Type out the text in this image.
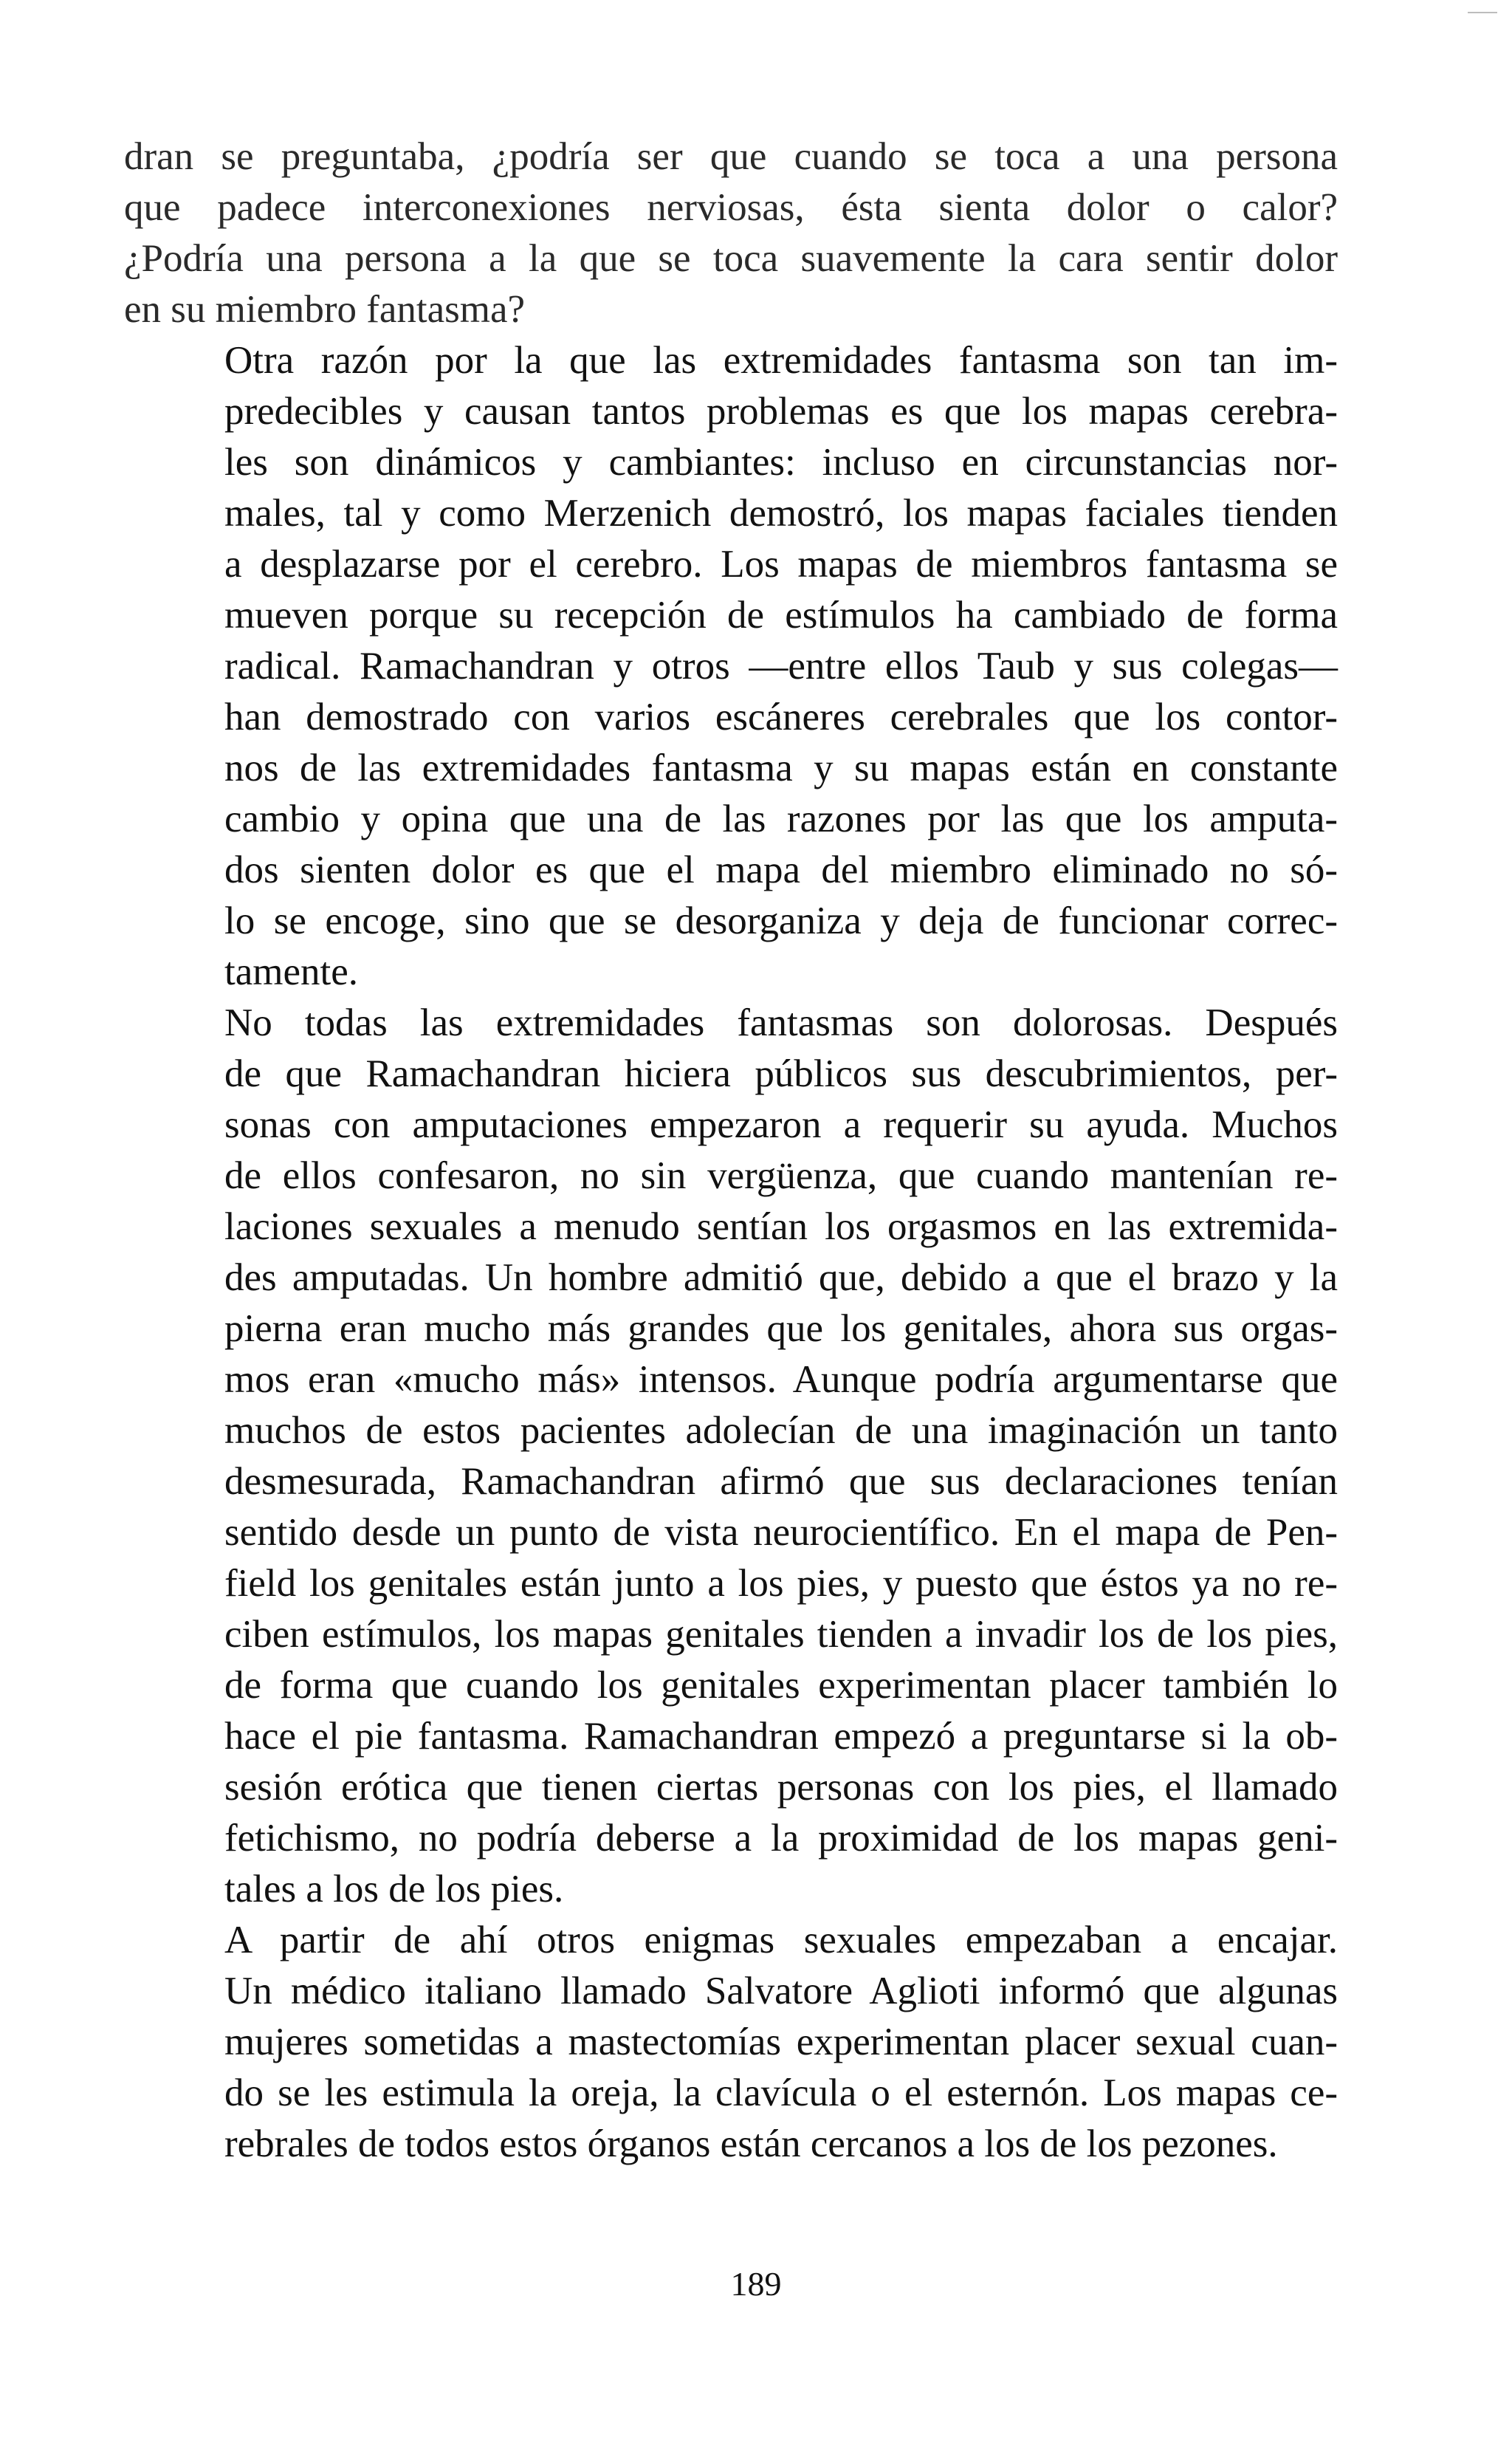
dran se preguntaba, ¿podría ser que cuando se toca a una persona
que padece interconexiones nerviosas, ésta sienta dolor o calor?
¿Podría una persona a la que se toca suavemente la cara sentir dolor
en su miembro fantasma?

Otra razón por la que las extremidades fantasma son tan im-
predecibles y causan tantos problemas es que los mapas cerebra-
les son dinámicos y cambiantes: incluso en circunstancias nor-
males, tal y como Merzenich demostró, los mapas faciales tienden
a desplazarse por el cerebro. Los mapas de miembros fantasma se
mueven porque su recepción de estímulos ha cambiado de forma
radical. Ramachandran y otros —entre ellos Taub y sus colegas—
han demostrado con varios escáneres cerebrales que los contor-
nos de las extremidades fantasma y su mapas están en constante
cambio y opina que una de las razones por las que los amputa-
dos sienten dolor es que el mapa del miembro eliminado no só-
lo se encoge, sino que se desorganiza y deja de funcionar correc-
tamente.

No todas las extremidades fantasmas son dolorosas. Después
de que Ramachandran hiciera públicos sus descubrimientos, per-
sonas con amputaciones empezaron a requerir su ayuda. Muchos
de ellos confesaron, no sin vergüenza, que cuando mantenían re-
laciones sexuales a menudo sentían los orgasmos en las extremida-
des amputadas. Un hombre admitió que, debido a que el brazo y la
pierna eran mucho más grandes que los genitales, ahora sus orgas-
mos eran «mucho más» intensos. Aunque podría argumentarse que
muchos de estos pacientes adolecían de una imaginación un tanto
desmesurada, Ramachandran afirmó que sus declaraciones tenían
sentido desde un punto de vista neurocientífico. En el mapa de Pen-
field los genitales están junto a los pies, y puesto que éstos ya no re-
ciben estímulos, los mapas genitales tienden a invadir los de los pies,
de forma que cuando los genitales experimentan placer también lo
hace el pie fantasma. Ramachandran empezó a preguntarse si la ob-
sesión erótica que tienen ciertas personas con los pies, el llamado
fetichismo, no podría deberse a la proximidad de los mapas geni-
tales a los de los pies.

A partir de ahí otros enigmas sexuales empezaban a encajar.
Un médico italiano llamado Salvatore Aglioti informó que algunas
mujeres sometidas a mastectomías experimentan placer sexual cuan-
do se les estimula la oreja, la clavícula o el esternón. Los mapas ce-
rebrales de todos estos órganos están cercanos a los de los pezones.

189
